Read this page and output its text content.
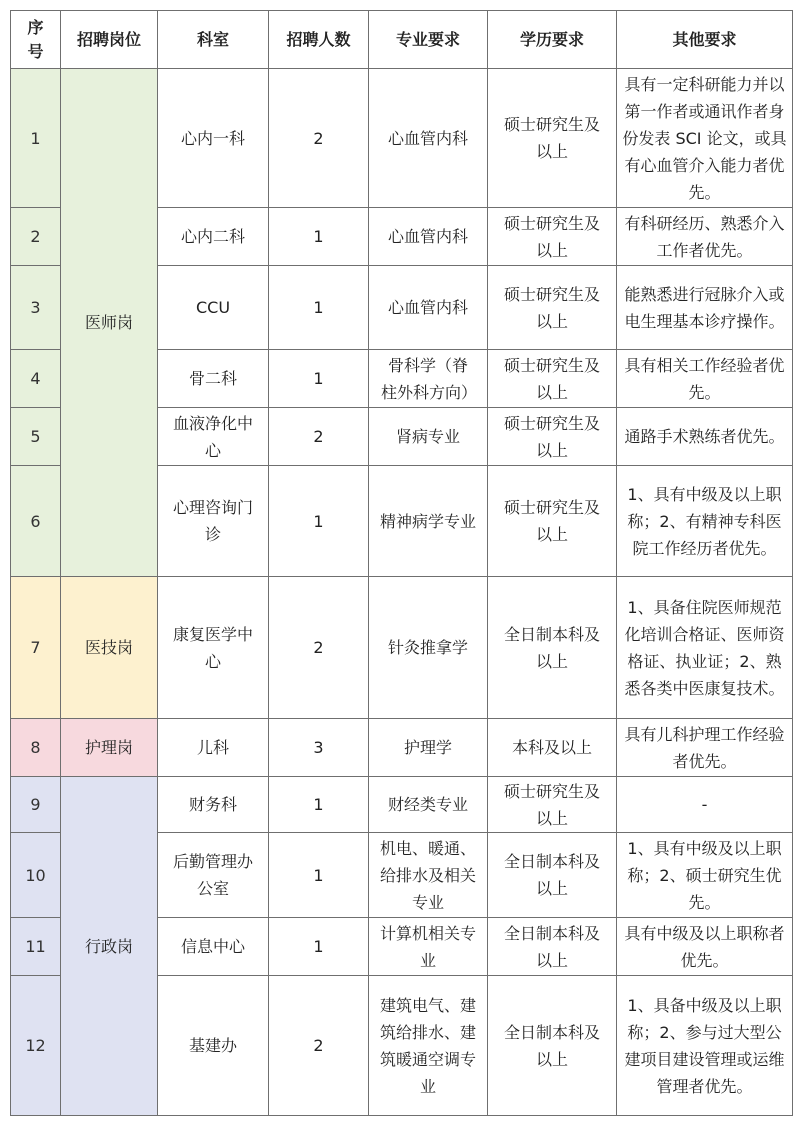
序号	招聘岗位	科室	招聘人数	专业要求	学历要求	其他要求
1	医师岗	心内一科	2	心血管内科	硕士研究生及以上	具有一定科研能力并以第一作者或通讯作者身份发表 SCI 论文，或具有心血管介入能力者优先。
2		心内二科	1	心血管内科	硕士研究生及以上	有科研经历、熟悉介入工作者优先。
3		CCU	1	心血管内科	硕士研究生及以上	能熟悉进行冠脉介入或电生理基本诊疗操作。
4		骨二科	1	骨科学（脊柱外科方向）	硕士研究生及以上	具有相关工作经验者优先。
5		血液净化中心	2	肾病专业	硕士研究生及以上	通路手术熟练者优先。
6		心理咨询门诊	1	精神病学专业	硕士研究生及以上	1、具有中级及以上职称；2、有精神专科医院工作经历者优先。
7	医技岗	康复医学中心	2	针灸推拿学	全日制本科及以上	1、具备住院医师规范化培训合格证、医师资格证、执业证；2、熟悉各类中医康复技术。
8	护理岗	儿科	3	护理学	本科及以上	具有儿科护理工作经验者优先。
9	行政岗	财务科	1	财经类专业	硕士研究生及以上	-
10		后勤管理办公室	1	机电、暖通、给排水及相关专业	全日制本科及以上	1、具有中级及以上职称；2、硕士研究生优先。
11		信息中心	1	计算机相关专业	全日制本科及以上	具有中级及以上职称者优先。
12		基建办	2	建筑电气、建筑给排水、建筑暖通空调专业	全日制本科及以上	1、具备中级及以上职称；2、参与过大型公建项目建设管理或运维管理者优先。
